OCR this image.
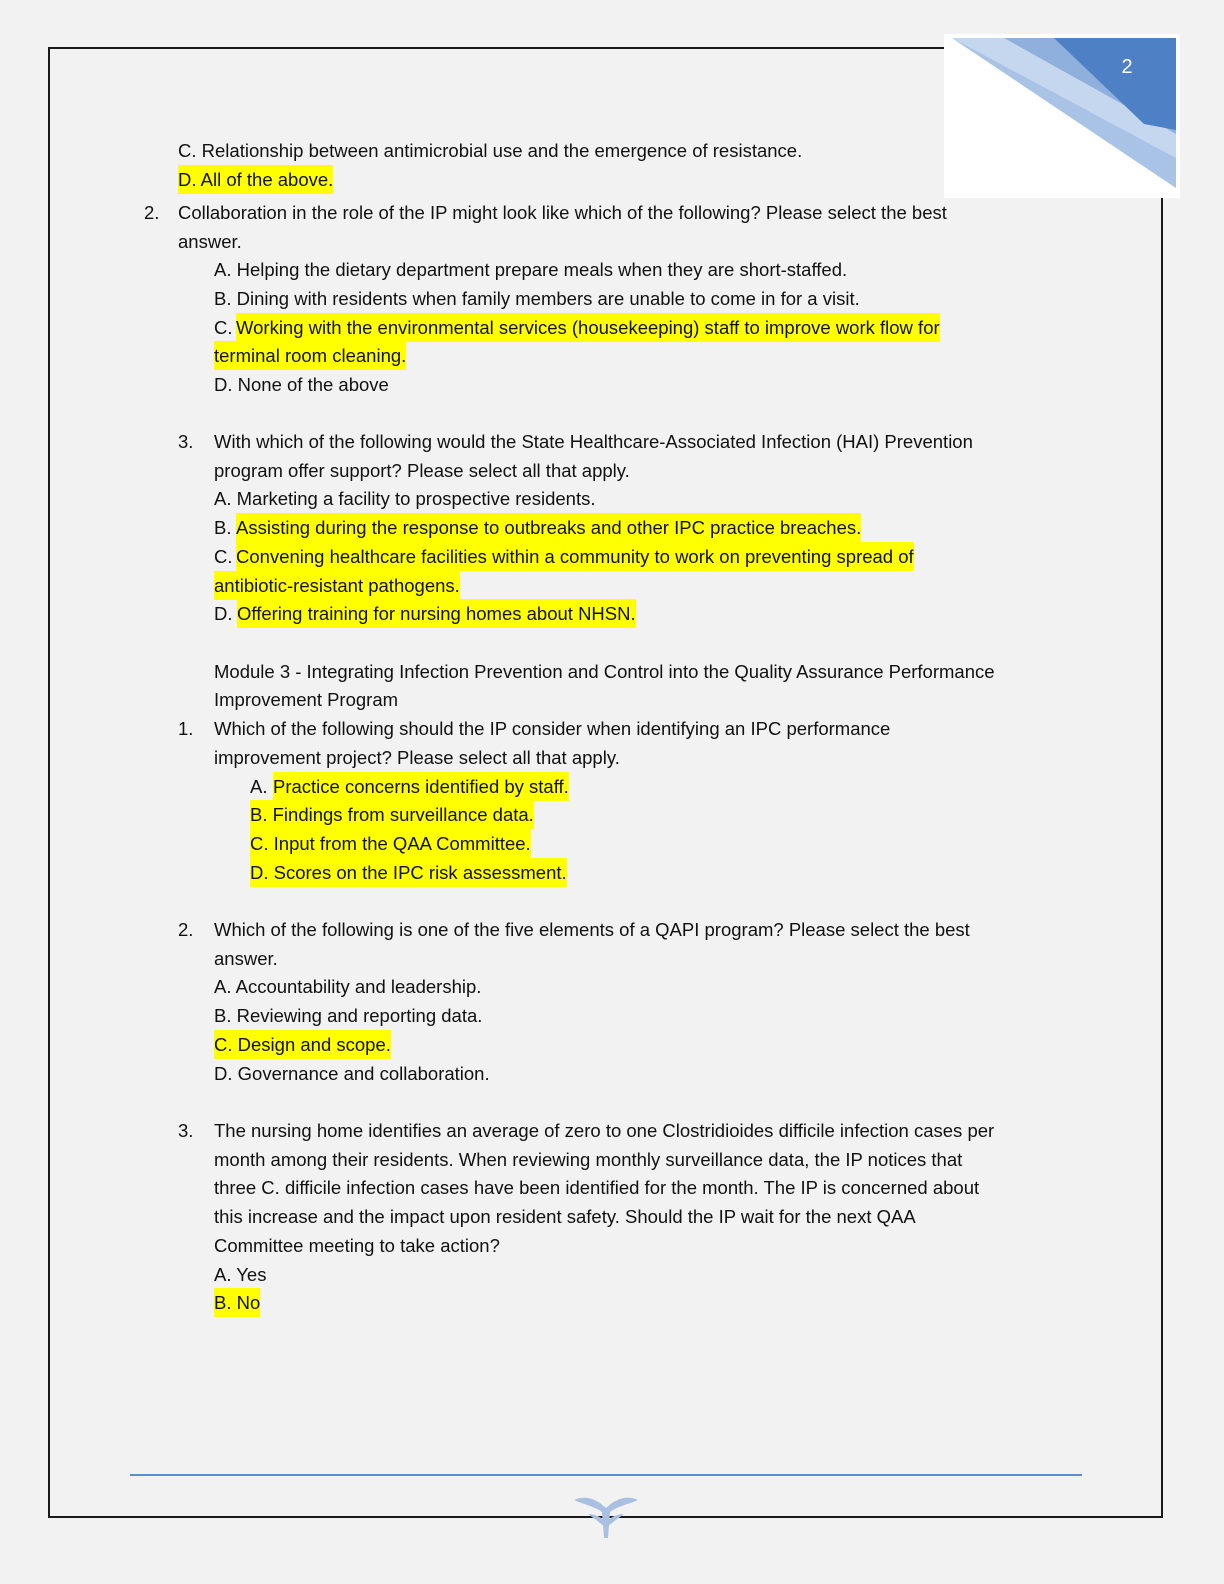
2
C. Relationship between antimicrobial use and the emergence of resistance.
D. All of the above.
Collaboration in the role of the IP might look like which of the following? Please select the best
answer.
A. Helping the dietary department prepare meals when they are short-staffed.
B. Dining with residents when family members are unable to come in for a visit.
C. Working with the environmental services (housekeeping) staff to improve work flow for
terminal room cleaning.
D. None of the above
With which of the following would the State Healthcare-Associated Infection (HAI) Prevention
program offer support? Please select all that apply.
A. Marketing a facility to prospective residents.
B. Assisting during the response to outbreaks and other IPC practice breaches.
C. Convening healthcare facilities within a community to work on preventing spread of
antibiotic-resistant pathogens.
D. Offering training for nursing homes about NHSN.
Module 3 - Integrating Infection Prevention and Control into the Quality Assurance Performance
Improvement Program
Which of the following should the IP consider when identifying an IPC performance
improvement project? Please select all that apply.
A. Practice concerns identified by staff.
B. Findings from surveillance data.
C. Input from the QAA Committee.
D. Scores on the IPC risk assessment.
Which of the following is one of the five elements of a QAPI program? Please select the best
answer.
A. Accountability and leadership.
B. Reviewing and reporting data.
C. Design and scope.
D. Governance and collaboration.
The nursing home identifies an average of zero to one Clostridioides difficile infection cases per
month among their residents. When reviewing monthly surveillance data, the IP notices that
three C. difficile infection cases have been identified for the month. The IP is concerned about
this increase and the impact upon resident safety. Should the IP wait for the next QAA
Committee meeting to take action?
A. Yes
B. No
2.
3.
1.
2.
3.
